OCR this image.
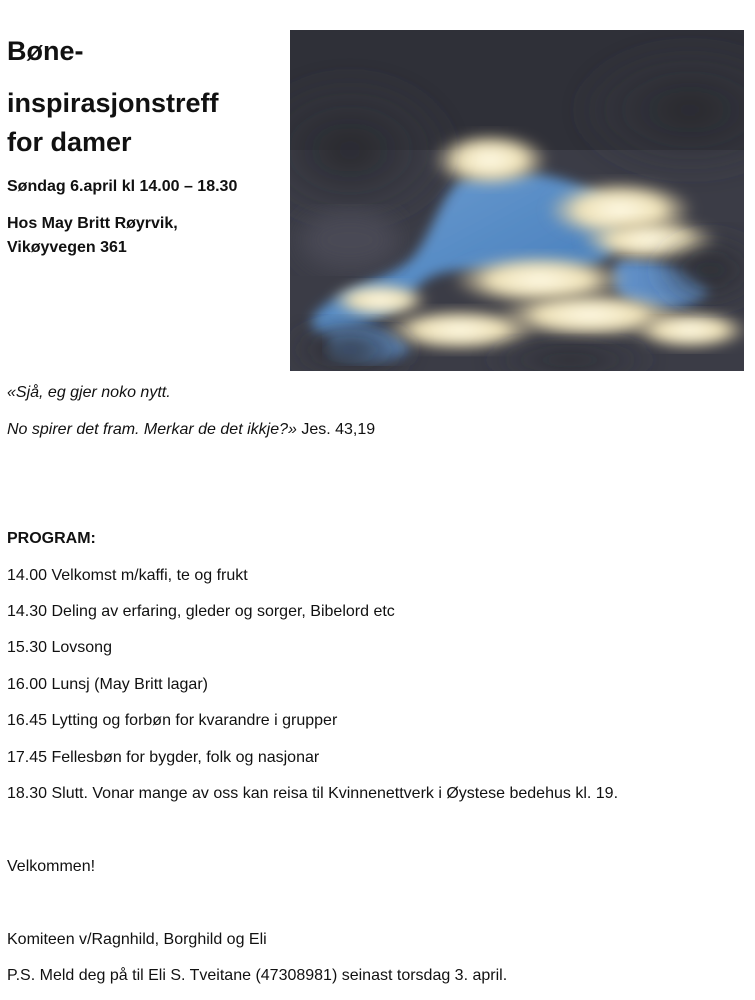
Bøne-
inspirasjonstreff
for damer
Søndag 6.april kl 14.00 – 18.30
Hos May Britt Røyrvik,
Vikøyvegen 361
«Sjå, eg gjer noko nytt.
No spirer det fram. Merkar de det ikkje?» Jes. 43,19
PROGRAM:
14.00 Velkomst m/kaffi, te og frukt
14.30 Deling av erfaring, gleder og sorger, Bibelord etc
15.30 Lovsong
16.00 Lunsj (May Britt lagar)
16.45 Lytting og forbøn for kvarandre i grupper
17.45 Fellesbøn for bygder, folk og nasjonar
18.30 Slutt. Vonar mange av oss kan reisa til Kvinnenettverk i Øystese bedehus kl. 19.
Velkommen!
Komiteen v/Ragnhild, Borghild og Eli
P.S. Meld deg på til Eli S. Tveitane (47308981) seinast torsdag 3. april.
